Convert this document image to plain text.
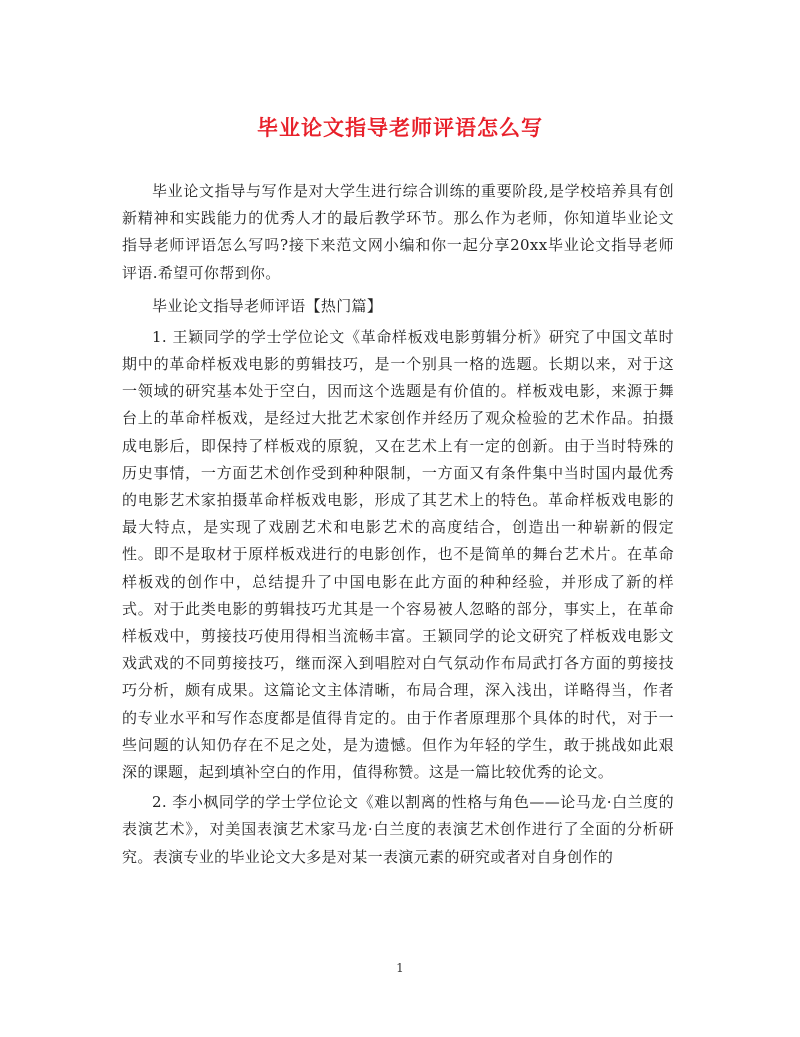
毕业论文指导老师评语怎么写

毕业论文指导与写作是对大学生进行综合训练的重要阶段,是学校培养具有创新精神和实践能力的优秀人才的最后教学环节。那么作为老师，你知道毕业论文指导老师评语怎么写吗?接下来范文网小编和你一起分享20xx毕业论文指导老师评语.希望可你帮到你。

毕业论文指导老师评语【热门篇】

1. 王颖同学的学士学位论文《革命样板戏电影剪辑分析》研究了中国文革时期中的革命样板戏电影的剪辑技巧，是一个别具一格的选题。长期以来，对于这一领域的研究基本处于空白，因而这个选题是有价值的。样板戏电影，来源于舞台上的革命样板戏，是经过大批艺术家创作并经历了观众检验的艺术作品。拍摄成电影后，即保持了样板戏的原貌，又在艺术上有一定的创新。由于当时特殊的历史事情，一方面艺术创作受到种种限制，一方面又有条件集中当时国内最优秀的电影艺术家拍摄革命样板戏电影，形成了其艺术上的特色。革命样板戏电影的最大特点，是实现了戏剧艺术和电影艺术的高度结合，创造出一种崭新的假定性。即不是取材于原样板戏进行的电影创作，也不是简单的舞台艺术片。在革命样板戏的创作中，总结提升了中国电影在此方面的种种经验，并形成了新的样式。对于此类电影的剪辑技巧尤其是一个容易被人忽略的部分，事实上，在革命样板戏中，剪接技巧使用得相当流畅丰富。王颖同学的论文研究了样板戏电影文戏武戏的不同剪接技巧，继而深入到唱腔对白气氛动作布局武打各方面的剪接技巧分析，颇有成果。这篇论文主体清晰，布局合理，深入浅出，详略得当，作者的专业水平和写作态度都是值得肯定的。由于作者原理那个具体的时代，对于一些问题的认知仍存在不足之处，是为遗憾。但作为年轻的学生，敢于挑战如此艰深的课题，起到填补空白的作用，值得称赞。这是一篇比较优秀的论文。

2. 李小枫同学的学士学位论文《难以割离的性格与角色——论马龙·白兰度的表演艺术》，对美国表演艺术家马龙·白兰度的表演艺术创作进行了全面的分析研究。表演专业的毕业论文大多是对某一表演元素的研究或者对自身创作的

1
